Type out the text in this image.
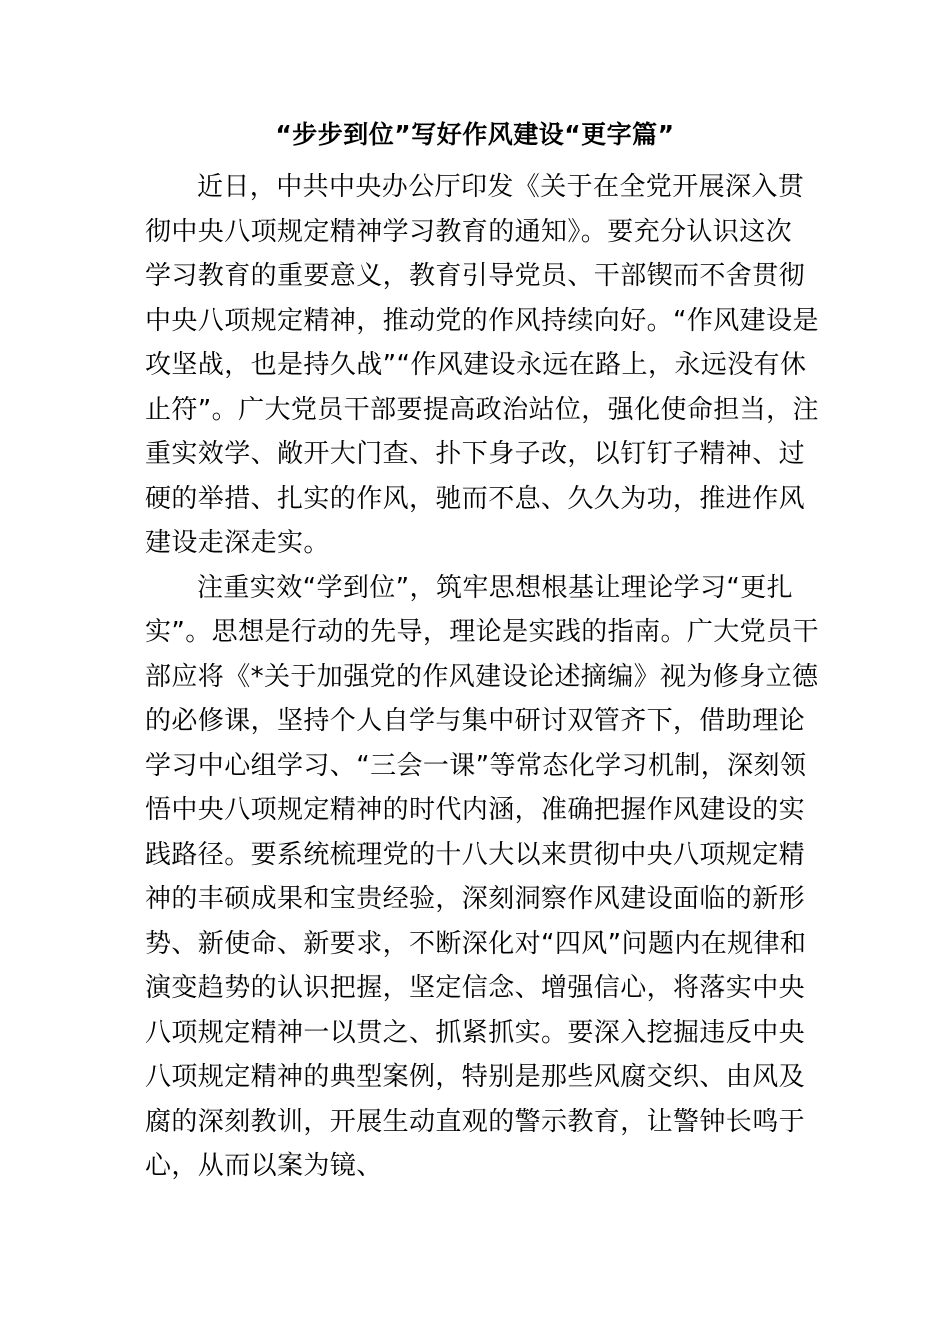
“步步到位”写好作风建设“更字篇”
近日，中共中央办公厅印发《关于在全党开展深入贯
彻中央八项规定精神学习教育的通知》。要充分认识这次
学习教育的重要意义，教育引导党员、干部锲而不舍贯彻
中央八项规定精神，推动党的作风持续向好。“作风建设是
攻坚战，也是持久战”“作风建设永远在路上，永远没有休
止符”。广大党员干部要提高政治站位，强化使命担当，注
重实效学、敞开大门查、扑下身子改，以钉钉子精神、过
硬的举措、扎实的作风，驰而不息、久久为功，推进作风
建设走深走实。
注重实效“学到位”，筑牢思想根基让理论学习“更扎
实”。思想是行动的先导，理论是实践的指南。广大党员干
部应将《*关于加强党的作风建设论述摘编》视为修身立德
的必修课，坚持个人自学与集中研讨双管齐下，借助理论
学习中心组学习、“三会一课”等常态化学习机制，深刻领
悟中央八项规定精神的时代内涵，准确把握作风建设的实
践路径。要系统梳理党的十八大以来贯彻中央八项规定精
神的丰硕成果和宝贵经验，深刻洞察作风建设面临的新形
势、新使命、新要求，不断深化对“四风”问题内在规律和
演变趋势的认识把握，坚定信念、增强信心，将落实中央
八项规定精神一以贯之、抓紧抓实。要深入挖掘违反中央
八项规定精神的典型案例，特别是那些风腐交织、由风及
腐的深刻教训，开展生动直观的警示教育，让警钟长鸣于
心，从而以案为镜、
